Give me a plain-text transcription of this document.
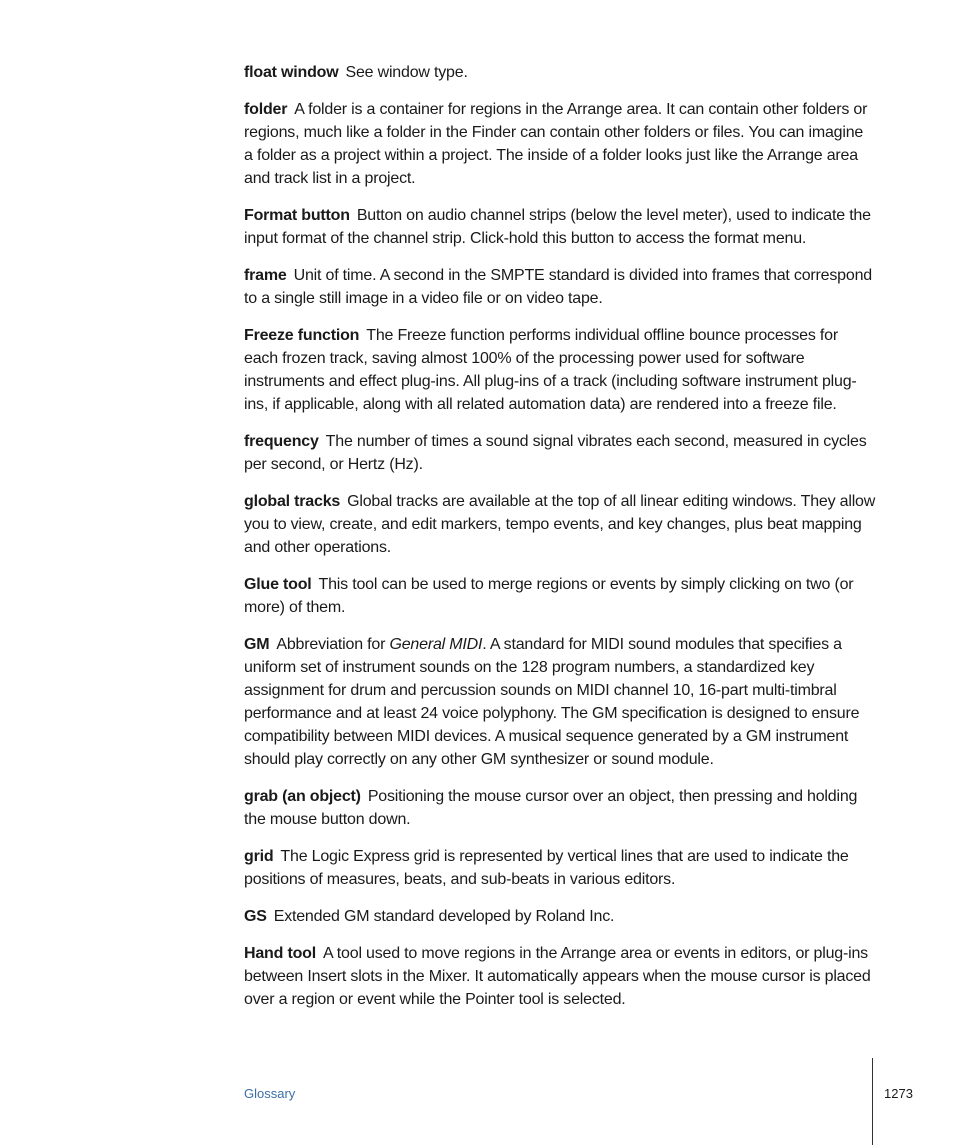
float window See window type.

folder A folder is a container for regions in the Arrange area. It can contain other folders or regions, much like a folder in the Finder can contain other folders or files. You can imagine a folder as a project within a project. The inside of a folder looks just like the Arrange area and track list in a project.

Format button Button on audio channel strips (below the level meter), used to indicate the input format of the channel strip. Click-hold this button to access the format menu.

frame Unit of time. A second in the SMPTE standard is divided into frames that correspond to a single still image in a video file or on video tape.

Freeze function The Freeze function performs individual offline bounce processes for each frozen track, saving almost 100% of the processing power used for software instruments and effect plug-ins. All plug-ins of a track (including software instrument plug-ins, if applicable, along with all related automation data) are rendered into a freeze file.

frequency The number of times a sound signal vibrates each second, measured in cycles per second, or Hertz (Hz).

global tracks Global tracks are available at the top of all linear editing windows. They allow you to view, create, and edit markers, tempo events, and key changes, plus beat mapping and other operations.

Glue tool This tool can be used to merge regions or events by simply clicking on two (or more) of them.

GM Abbreviation for General MIDI. A standard for MIDI sound modules that specifies a uniform set of instrument sounds on the 128 program numbers, a standardized key assignment for drum and percussion sounds on MIDI channel 10, 16-part multi-timbral performance and at least 24 voice polyphony. The GM specification is designed to ensure compatibility between MIDI devices. A musical sequence generated by a GM instrument should play correctly on any other GM synthesizer or sound module.

grab (an object) Positioning the mouse cursor over an object, then pressing and holding the mouse button down.

grid The Logic Express grid is represented by vertical lines that are used to indicate the positions of measures, beats, and sub-beats in various editors.

GS Extended GM standard developed by Roland Inc.

Hand tool A tool used to move regions in the Arrange area or events in editors, or plug-ins between Insert slots in the Mixer. It automatically appears when the mouse cursor is placed over a region or event while the Pointer tool is selected.

Glossary	1273
